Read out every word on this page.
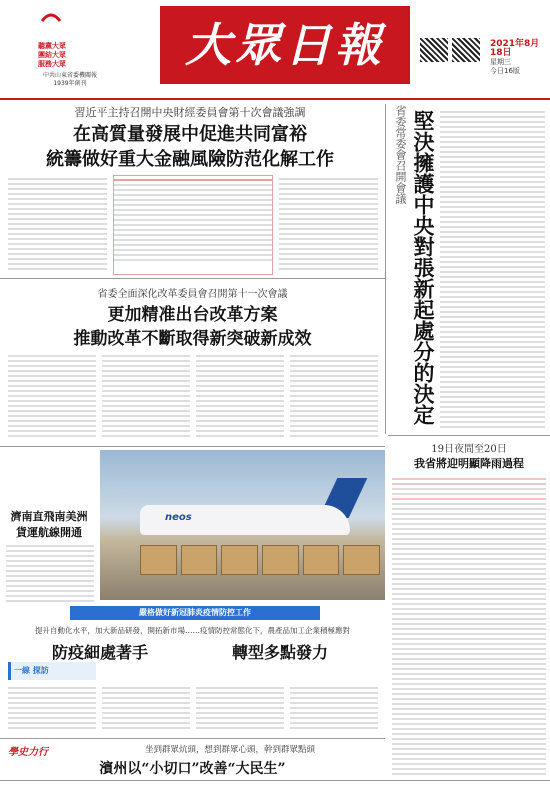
聽黨大眾
團結大眾
服務大眾
中共山東省委機關報
1939年創刊
大眾日報	2021年8月18日
星期三
今日16版
習近平主持召開中央財經委員會第十次會議強調
在高質量發展中促進共同富裕
統籌做好重大金融風險防范化解工作	省委常委會召開會議 堅決擁護中央對張新起處分的決定
省委全面深化改革委員會召開第十一次會議
更加精准出台改革方案
推動改革不斷取得新突破新成效
19日夜間至20日
我省將迎明顯降雨過程
濟南直飛南美洲
貨運航線開通
neos
嚴格做好新冠肺炎疫情防控工作
提升自動化水平，加大新品研發，開拓新市場……疫情防控常態化下，農產品加工企業積極應對
防疫細處著手	轉型多點發力
一線 探訪
學史力行	坐到群眾炕頭，想到群眾心頭，幹到群眾點頭
濱州以“小切口”改善“大民生”
